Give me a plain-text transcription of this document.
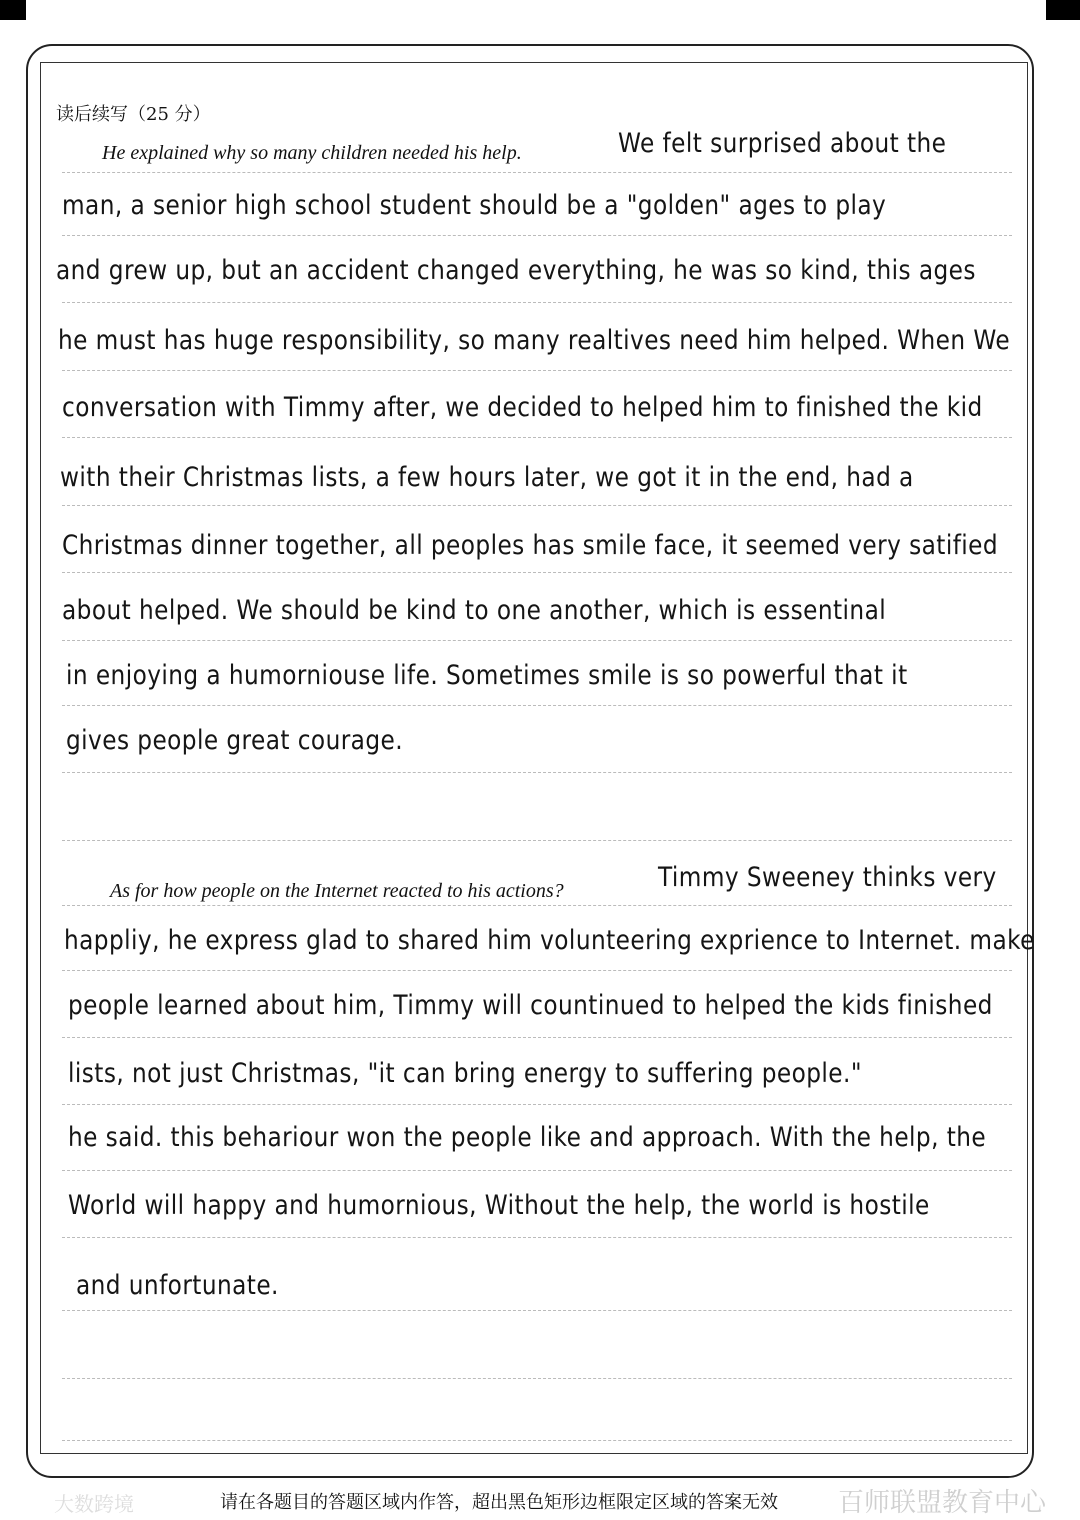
读后续写（25 分）
He explained why so many children needed his help.	We felt surprised about the
man, a senior high school student should be a "golden" ages to play
and grew up, but an accident changed everything, he was so kind, this ages
he must has huge responsibility, so many realtives need him helped. When We
conversation with Timmy after, we decided to helped him to finished the kid
with their Christmas lists, a few hours later, we got it in the end, had a
Christmas dinner together, all peoples has smile face, it seemed very satified
about helped. We should be kind to one another, which is essentinal
in enjoying a humorniouse life. Sometimes smile is so powerful that it
gives people great courage.
As for how people on the Internet reacted to his actions?	Timmy Sweeney thinks very
happliy, he express glad to shared him volunteering exprience to Internet. make
people learned about him, Timmy will countinued to helped the kids finished
lists, not just Christmas, "it can bring energy to suffering people."
he said. this behariour won the people like and approach. With the help, the
World will happy and humornious, Without the help, the world is hostile
and unfortunate.
请在各题目的答题区域内作答，超出黑色矩形边框限定区域的答案无效 百师联盟教育中心
大数跨境
